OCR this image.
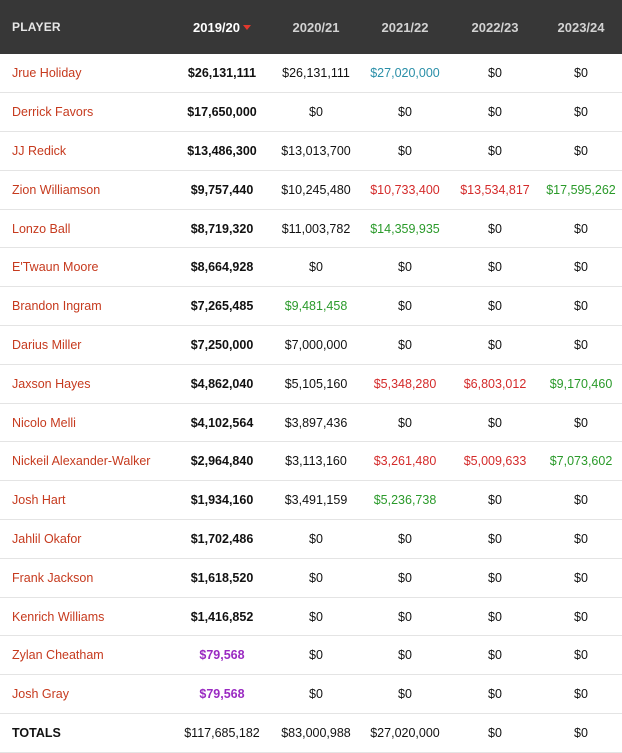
PLAYER	2019/20	2020/21	2021/22	2022/23	2023/24
Jrue Holiday	$26,131,111	$26,131,111	$27,020,000	$0	$0
Derrick Favors	$17,650,000	$0	$0	$0	$0
JJ Redick	$13,486,300	$13,013,700	$0	$0	$0
Zion Williamson	$9,757,440	$10,245,480	$10,733,400	$13,534,817	$17,595,262
Lonzo Ball	$8,719,320	$11,003,782	$14,359,935	$0	$0
E'Twaun Moore	$8,664,928	$0	$0	$0	$0
Brandon Ingram	$7,265,485	$9,481,458	$0	$0	$0
Darius Miller	$7,250,000	$7,000,000	$0	$0	$0
Jaxson Hayes	$4,862,040	$5,105,160	$5,348,280	$6,803,012	$9,170,460
Nicolo Melli	$4,102,564	$3,897,436	$0	$0	$0
Nickeil Alexander-Walker	$2,964,840	$3,113,160	$3,261,480	$5,009,633	$7,073,602
Josh Hart	$1,934,160	$3,491,159	$5,236,738	$0	$0
Jahlil Okafor	$1,702,486	$0	$0	$0	$0
Frank Jackson	$1,618,520	$0	$0	$0	$0
Kenrich Williams	$1,416,852	$0	$0	$0	$0
Zylan Cheatham	$79,568	$0	$0	$0	$0
Josh Gray	$79,568	$0	$0	$0	$0
TOTALS	$117,685,182	$83,000,988	$27,020,000	$0	$0
